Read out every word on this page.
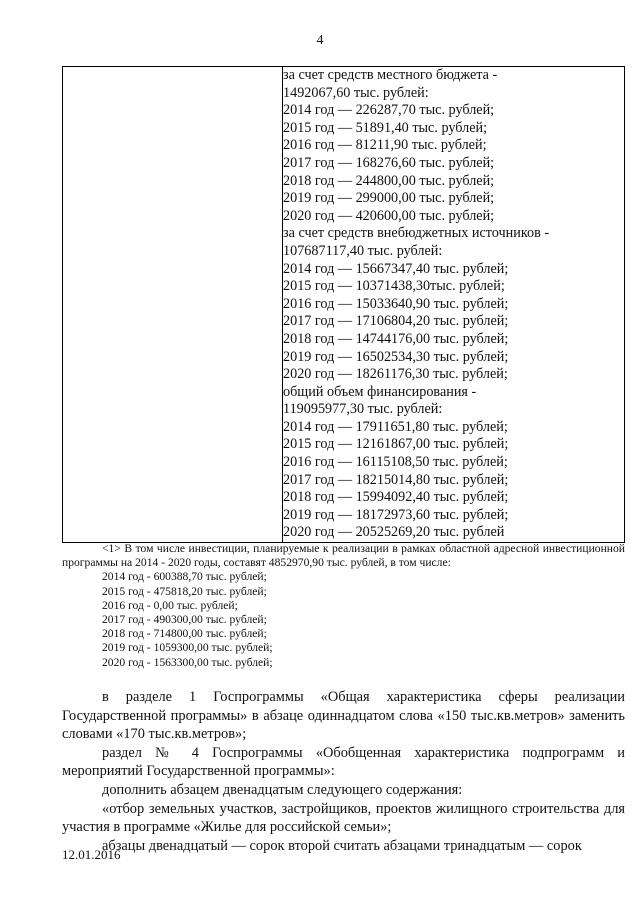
4

за счет средств местного бюджета -
1492067,60 тыс. рублей:
2014 год — 226287,70 тыс. рублей;
2015 год — 51891,40 тыс. рублей;
2016 год — 81211,90 тыс. рублей;
2017 год — 168276,60 тыс. рублей;
2018 год — 244800,00 тыс. рублей;
2019 год — 299000,00 тыс. рублей;
2020 год — 420600,00 тыс. рублей;
за счет средств внебюджетных источников -
107687117,40 тыс. рублей:
2014 год — 15667347,40 тыс. рублей;
2015 год — 10371438,30тыс. рублей;
2016 год — 15033640,90 тыс. рублей;
2017 год — 17106804,20 тыс. рублей;
2018 год — 14744176,00 тыс. рублей;
2019 год — 16502534,30 тыс. рублей;
2020 год — 18261176,30 тыс. рублей;
общий объем финансирования -
119095977,30 тыс. рублей:
2014 год — 17911651,80 тыс. рублей;
2015 год — 12161867,00 тыс. рублей;
2016 год — 16115108,50 тыс. рублей;
2017 год — 18215014,80 тыс. рублей;
2018 год — 15994092,40 тыс. рублей;
2019 год — 18172973,60 тыс. рублей;
2020 год — 20525269,20 тыс. рублей
<1> В том числе инвестиции, планируемые к реализации в рамках областной адресной инвестиционной программы на 2014 - 2020 годы, составят 4852970,90 тыс. рублей, в том числе:
2014 год - 600388,70 тыс. рублей;
2015 год - 475818,20 тыс. рублей;
2016 год - 0,00 тыс. рублей;
2017 год - 490300,00 тыс. рублей;
2018 год - 714800,00 тыс. рублей;
2019 год - 1059300,00 тыс. рублей;
2020 год - 1563300,00 тыс. рублей;
в разделе 1 Госпрограммы «Общая характеристика сферы реализации Государственной программы» в абзаце одиннадцатом слова «150 тыс.кв.метров» заменить словами «170 тыс.кв.метров»;
раздел № 4 Госпрограммы «Обобщенная характеристика подпрограмм и мероприятий Государственной программы»:
дополнить абзацем двенадцатым следующего содержания:
«отбор земельных участков, застройщиков, проектов жилищного строительства для участия в программе «Жилье для российской семьи»;
абзацы двенадцатый — сорок второй считать абзацами тринадцатым — сорок
12.01.2016
